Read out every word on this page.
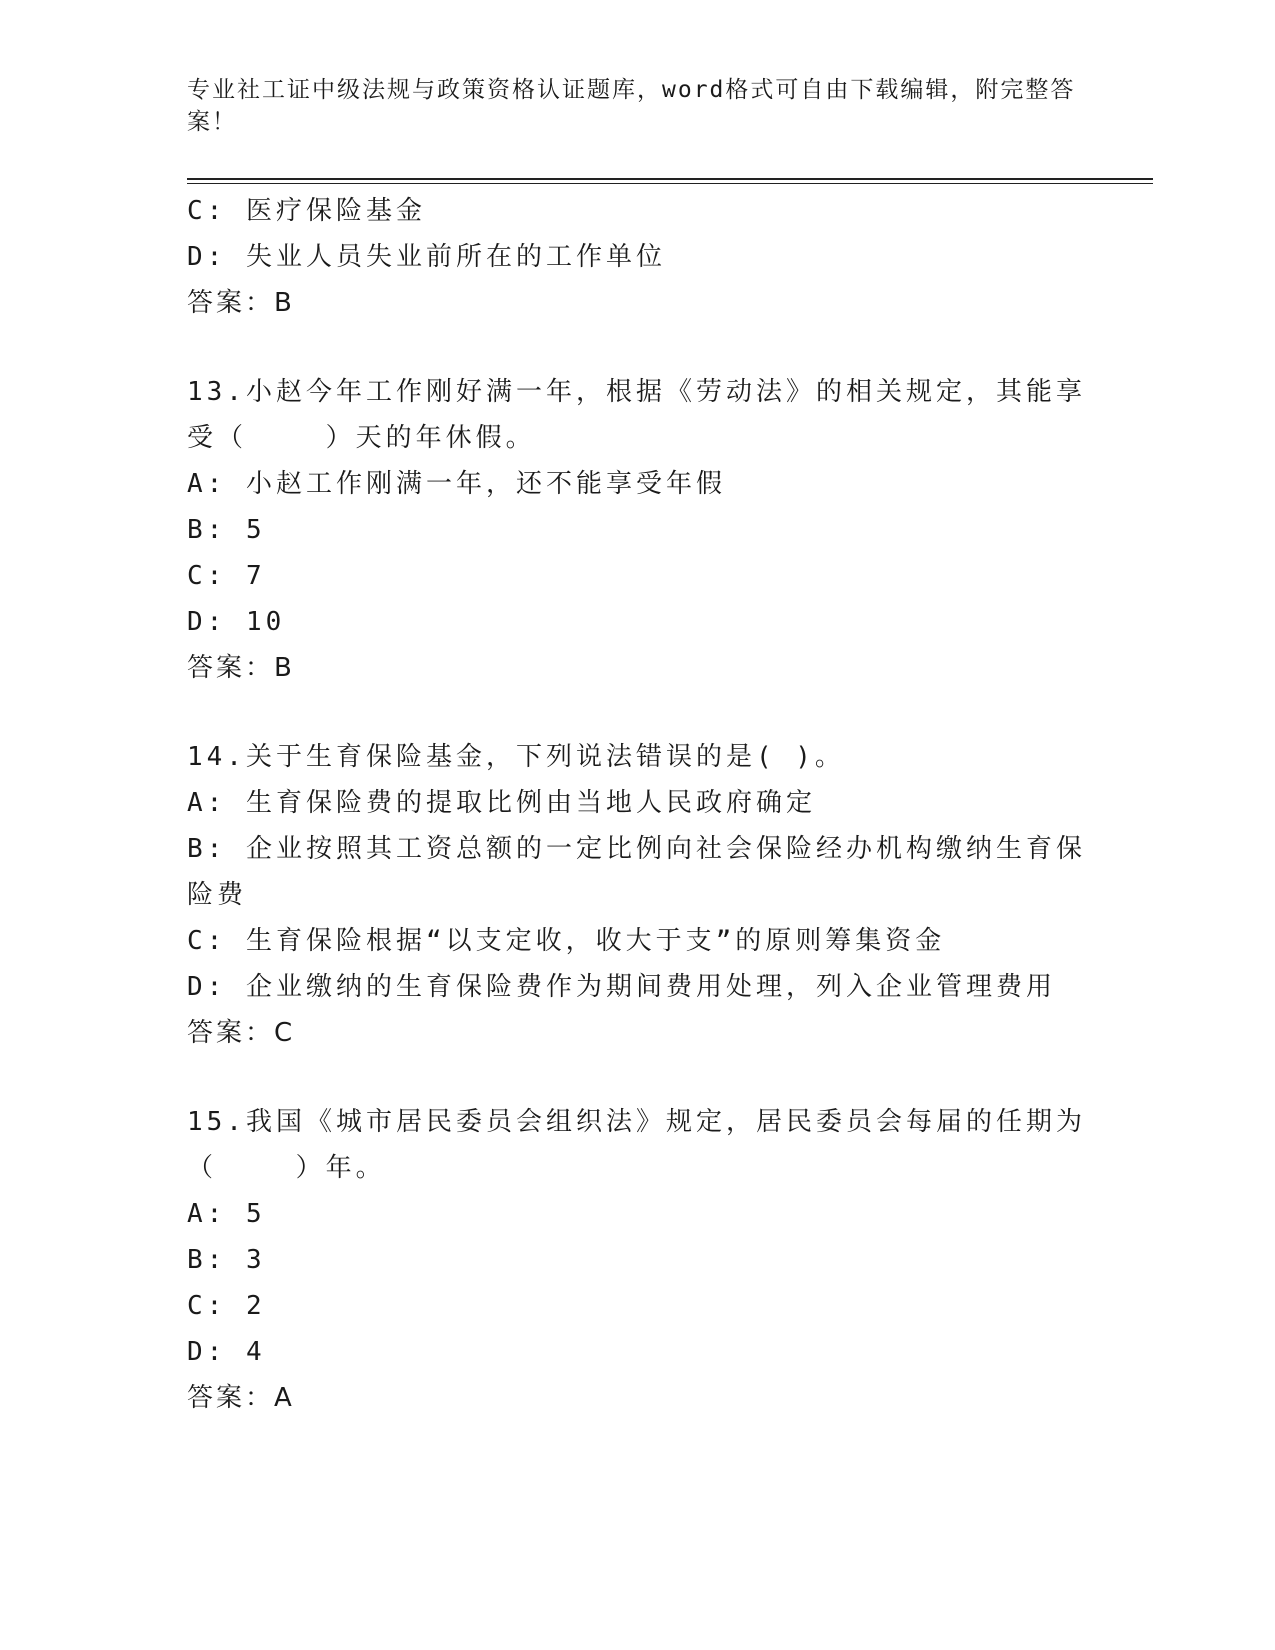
专业社工证中级法规与政策资格认证题库，word格式可自由下载编辑，附完整答案！

C: 医疗保险基金

D: 失业人员失业前所在的工作单位

答案：B

13.小赵今年工作刚好满一年，根据《劳动法》的相关规定，其能享受（    ）天的年休假。

A: 小赵工作刚满一年，还不能享受年假

B: 5

C: 7

D: 10

答案：B

14.关于生育保险基金，下列说法错误的是( )。

A: 生育保险费的提取比例由当地人民政府确定

B: 企业按照其工资总额的一定比例向社会保险经办机构缴纳生育保险费

C: 生育保险根据“以支定收，收大于支”的原则筹集资金

D: 企业缴纳的生育保险费作为期间费用处理，列入企业管理费用

答案：C

15.我国《城市居民委员会组织法》规定，居民委员会每届的任期为（    ）年。

A: 5

B: 3

C: 2

D: 4

答案：A
